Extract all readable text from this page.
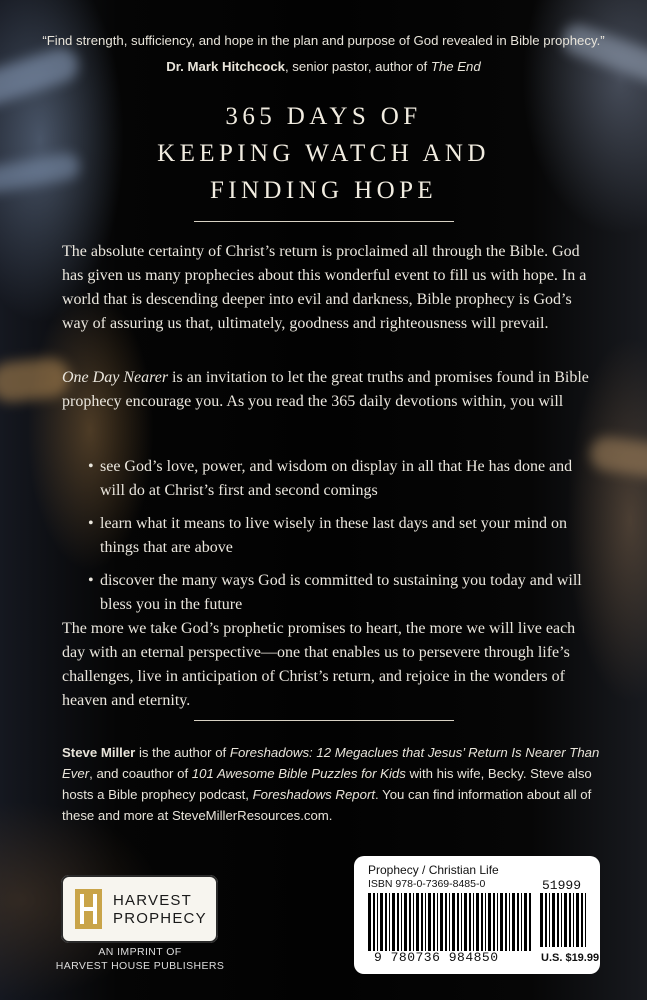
“Find strength, sufficiency, and hope in the plan and purpose of God revealed in Bible prophecy.”
Dr. Mark Hitchcock, senior pastor, author of The End
365 DAYS OF
KEEPING WATCH AND
FINDING HOPE

The absolute certainty of Christ’s return is proclaimed all through the Bible. God has given us many prophecies about this wonderful event to fill us with hope. In a world that is descending deeper into evil and darkness, Bible prophecy is God’s way of assuring us that, ultimately, goodness and righteousness will prevail.

One Day Nearer is an invitation to let the great truths and promises found in Bible prophecy encourage you. As you read the 365 daily devotions within, you will

• see God’s love, power, and wisdom on display in all that He has done and will do at Christ’s first and second comings
• learn what it means to live wisely in these last days and set your mind on things that are above
• discover the many ways God is committed to sustaining you today and will bless you in the future

The more we take God’s prophetic promises to heart, the more we will live each day with an eternal perspective—one that enables us to persevere through life’s challenges, live in anticipation of Christ’s return, and rejoice in the wonders of heaven and eternity.

Steve Miller is the author of Foreshadows: 12 Megaclues that Jesus’ Return Is Nearer Than Ever, and coauthor of 101 Awesome Bible Puzzles for Kids with his wife, Becky. Steve also hosts a Bible prophecy podcast, Foreshadows Report. You can find information about all of these and more at SteveMillerResources.com.

HARVEST
PROPHECY
AN IMPRINT OF
HARVEST HOUSE PUBLISHERS
Prophecy / Christian Life
ISBN 978-0-7369-8485-0	51999
9 780736 984850	U.S. $19.99
